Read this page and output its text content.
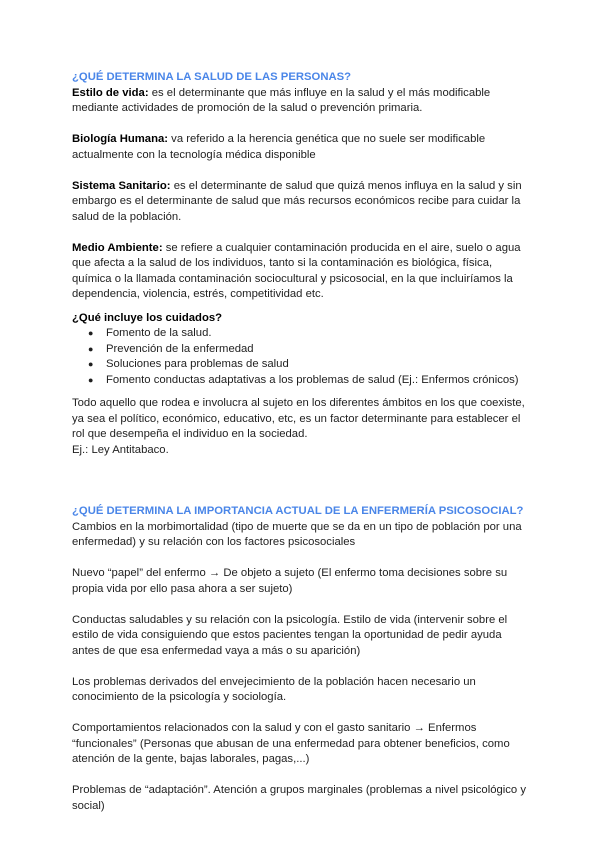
¿QUÉ DETERMINA LA SALUD DE LAS PERSONAS?

Estilo de vida: es el determinante que más influye en la salud y el más modificable mediante actividades de promoción de la salud o prevención primaria.

Biología Humana: va referido a la herencia genética que no suele ser modificable actualmente con la tecnología médica disponible

Sistema Sanitario: es el determinante de salud que quizá menos influya en la salud y sin embargo es el determinante de salud que más recursos económicos recibe para cuidar la salud de la población.

Medio Ambiente: se refiere a cualquier contaminación producida en el aire, suelo o agua que afecta a la salud de los individuos, tanto si la contaminación es biológica, física, química o la llamada contaminación sociocultural y psicosocial, en la que incluiríamos la dependencia, violencia, estrés, competitividad etc.

¿Qué incluye los cuidados?

● Fomento de la salud.
● Prevención de la enfermedad
● Soluciones para problemas de salud
● Fomento conductas adaptativas a los problemas de salud (Ej.: Enfermos crónicos)

Todo aquello que rodea e involucra al sujeto en los diferentes ámbitos en los que coexiste, ya sea el político, económico, educativo, etc, es un factor determinante para establecer el rol que desempeña el individuo en la sociedad.

Ej.: Ley Antitabaco.

¿QUÉ DETERMINA LA IMPORTANCIA ACTUAL DE LA ENFERMERÍA PSICOSOCIAL?

Cambios en la morbimortalidad (tipo de muerte que se da en un tipo de población por una enfermedad) y su relación con los factores psicosociales

Nuevo “papel” del enfermo → De objeto a sujeto (El enfermo toma decisiones sobre su propia vida por ello pasa ahora a ser sujeto)

Conductas saludables y su relación con la psicología. Estilo de vida (intervenir sobre el estilo de vida consiguiendo que estos pacientes tengan la oportunidad de pedir ayuda antes de que esa enfermedad vaya a más o su aparición)

Los problemas derivados del envejecimiento de la población hacen necesario un conocimiento de la psicología y sociología.

Comportamientos relacionados con la salud y con el gasto sanitario → Enfermos “funcionales” (Personas que abusan de una enfermedad para obtener beneficios, como atención de la gente, bajas laborales, pagas,...)

Problemas de “adaptación”. Atención a grupos marginales (problemas a nivel psicológico y social)
